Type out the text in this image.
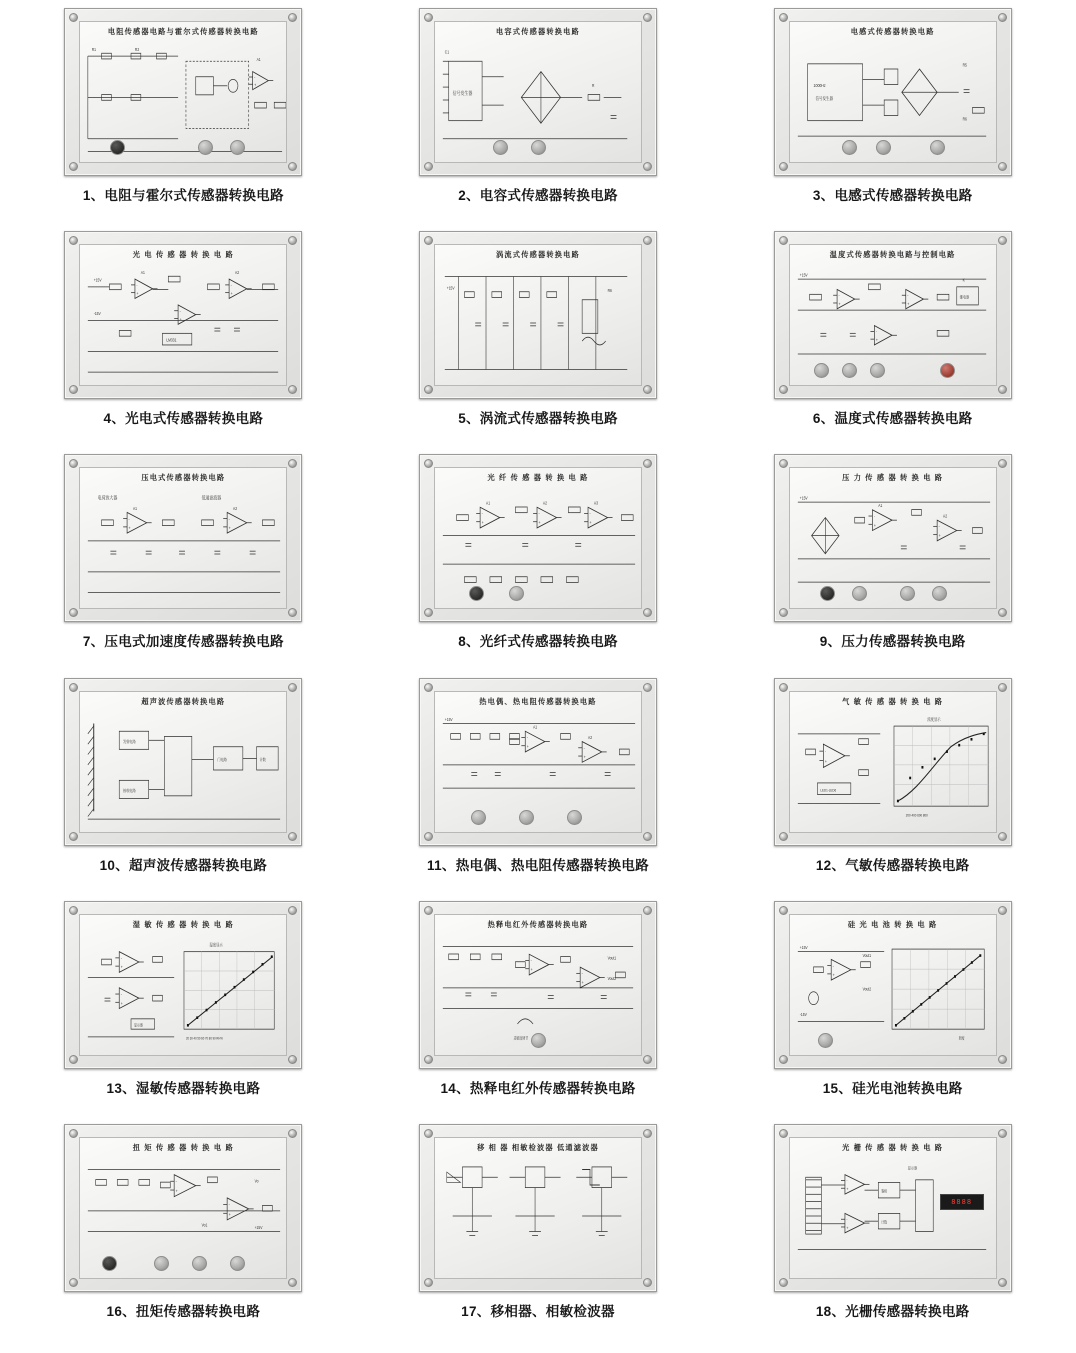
电阻传感器电路与霍尔式传感器转换电路
-
+
R1	R2
A1
1、电阻与霍尔式传感器转换电路
电容式传感器转换电路
信号发生器
C1
R
2、电容式传感器转换电路
电感式传感器转换电路
1000Hz
信号发生器
R5
R6
3、电感式传感器转换电路
光 电 传 感 器 转 换 电 路
-
+
-
+
-
+
LM331
A1	A2
+15V
-15V
4、光电式传感器转换电路
涡流式传感器转换电路
+15V	R6
5、涡流式传感器转换电路
温度式传感器转换电路与控制电路
-
+
-
+
-
+
继电器
+15V
K
6、温度式传感器转换电路
压电式传感器转换电路
电荷放大器	低通滤波器
-
+
-
+
A1	A2
7、压电式加速度传感器转换电路
光 纤 传 感 器 转 换 电 路
-
+
-
+
-
+
A1	A2	A3
8、光纤式传感器转换电路
压 力 传 感 器 转 换 电 路
-
+	-
+
+15V
A1
A2
9、压力传感器转换电路
超声波传感器转换电路
发射电路
接收电路
门电路	计数
10、超声波传感器转换电路
热电偶、热电阻传感器转换电路
-
+	-
+
A1
A2
+15V
11、热电偶、热电阻传感器转换电路
气 敏 传 感 器 转 换 电 路
-
+
LED1-LED6
200 400 600 800
浓度显示
12、气敏传感器转换电路
湿 敏 传 感 器 转 换 电 路
-
+
-
+
显示器
湿度显示
20 30 40 50 60 70 80 90 RH%
13、湿敏传感器转换电路
热释电红外传感器转换电路
-
+
-
+
Vout1
Vout2
灵敏度调节
14、热释电红外传感器转换电路
硅 光 电 池 转 换 电 路
-
+
Vout1
Vout2
+15V
-15V
照度
15、硅光电池转换电路
扭 矩 传 感 器 转 换 电 路
-
+
-
+
Vo
Vo1	+15V
16、扭矩传感器转换电路
移 相 器 相敏检波器 低通滤波器
17、移相器、相敏检波器
光 栅 传 感 器 转 换 电 路
-
+
-
+
鉴相
计数
显示器
8888
18、光栅传感器转换电路
